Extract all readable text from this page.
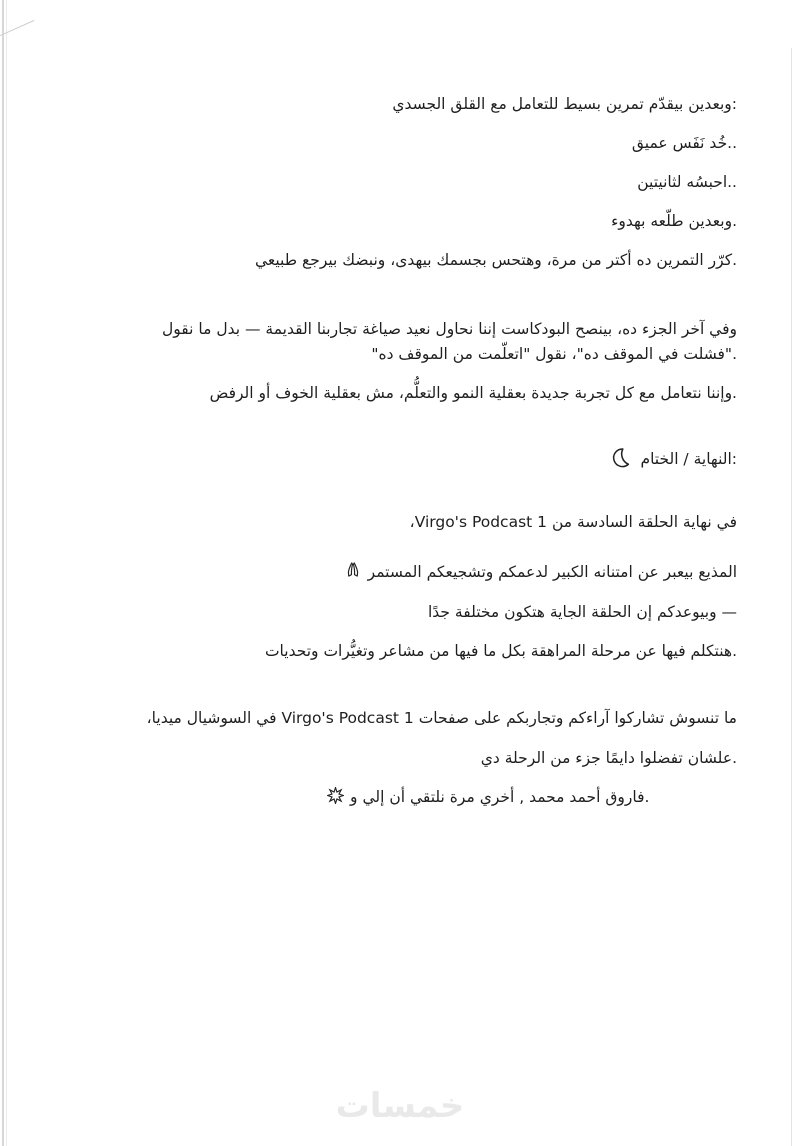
:وبعدين بيقدّم تمرين بسيط للتعامل مع القلق الجسدي

..خُد نَفَس عميق

..احبسُه لثانيتين

.وبعدين طلّعه بهدوء

.كرّر التمرين ده أكتر من مرة، وهتحس بجسمك بيهدى، ونبضك بيرجع طبيعي

وفي آخر الجزء ده، بينصح البودكاست إننا نحاول نعيد صياغة تجاربنا القديمة — بدل ما نقول

."فشلت في الموقف ده"، نقول "اتعلّمت من الموقف ده"

.وإننا نتعامل مع كل تجربة جديدة بعقلية النمو والتعلُّم، مش بعقلية الخوف أو الرفض

:النهاية / الختام

في نهاية الحلقة السادسة من Virgo's Podcast 1،

المذيع بيعبر عن امتنانه الكبير لدعمكم وتشجيعكم المستمر

— وبيوعدكم إن الحلقة الجاية هتكون مختلفة جدًا

.هنتكلم فيها عن مرحلة المراهقة بكل ما فيها من مشاعر وتغيُّرات وتحديات

ما تنسوش تشاركوا آراءكم وتجاربكم على صفحات Virgo's Podcast 1 في السوشيال ميديا،

.علشان تفضلوا دايمًا جزء من الرحلة دي

و‎ إلي‎ أن‎ نلتقي‎ مرة‎ أخري‎ ,‎ محمد‎ أحمد‎ فاروق.

خمسات
